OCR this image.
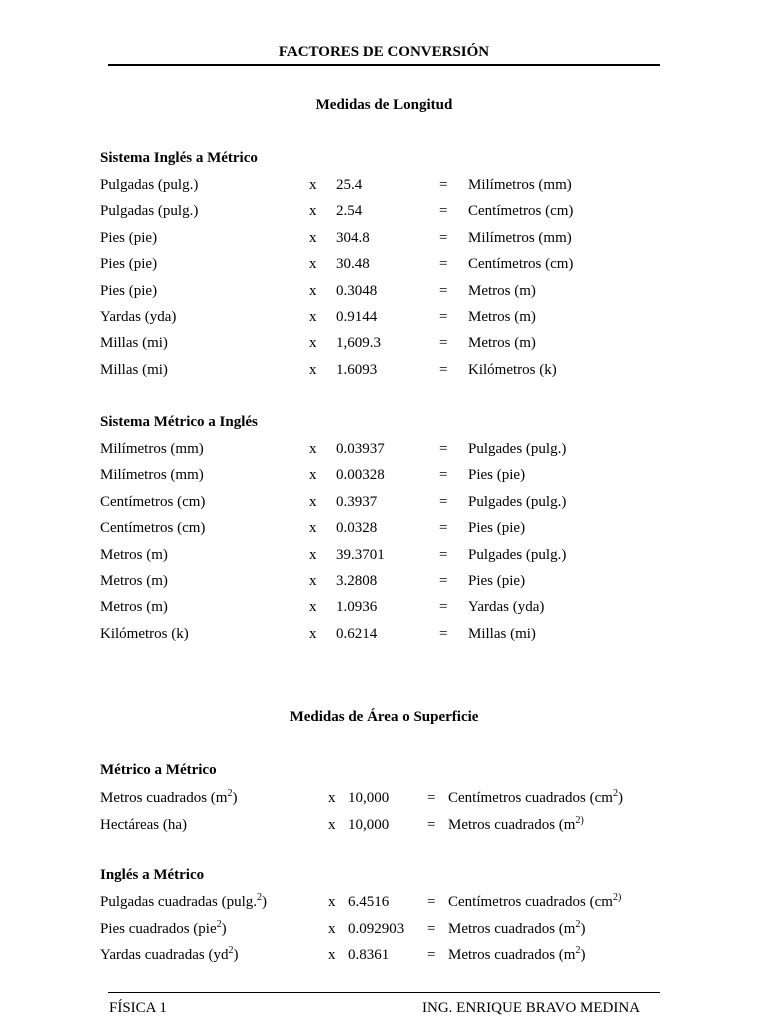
FACTORES DE CONVERSIÓN
Medidas de Longitud
Sistema Inglés a Métrico
Pulgadas (pulg.)	x 25.4	= Milímetros (mm)
Pulgadas (pulg.)	x 2.54	= Centímetros (cm)
Pies (pie)	x 304.8	= Milímetros (mm)
Pies (pie)	x 30.48	= Centímetros (cm)
Pies (pie)	x 0.3048	= Metros (m)
Yardas (yda)	x 0.9144	= Metros (m)
Millas (mi)	x 1,609.3	= Metros (m)
Millas (mi)	x 1.6093	= Kilómetros (k)
Sistema Métrico a Inglés
Milímetros (mm)	x 0.03937	= Pulgades (pulg.)
Milímetros (mm)	x 0.00328	= Pies (pie)
Centímetros (cm)	x 0.3937	= Pulgades (pulg.)
Centímetros (cm)	x 0.0328	= Pies (pie)
Metros (m)	x 39.3701	= Pulgades (pulg.)
Metros (m)	x 3.2808	= Pies (pie)
Metros (m)	x 1.0936	= Yardas (yda)
Kilómetros (k)	x 0.6214	= Millas (mi)
Medidas de Área o Superficie
Métrico a Métrico
Metros cuadrados $(m^2)$	x 10,000	= Centímetros cuadrados $(cm^2)$
Hectáreas (ha)	x 10,000	= Metros cuadrados ($m^{2)}$
Inglés a Métrico
Pulgadas cuadradas (pulg.$^2$)	x 6.4516	= Centímetros cuadrados ($cm^{2)}$
Pies cuadrados (pie$^2$)	x 0.092903 = Metros cuadrados $(m^2)$
Yardas cuadradas $(yd^2)$	x 0.8361	= Metros cuadrados $(m^2)$
FÍSICA 1	ING. ENRIQUE BRAVO MEDINA
